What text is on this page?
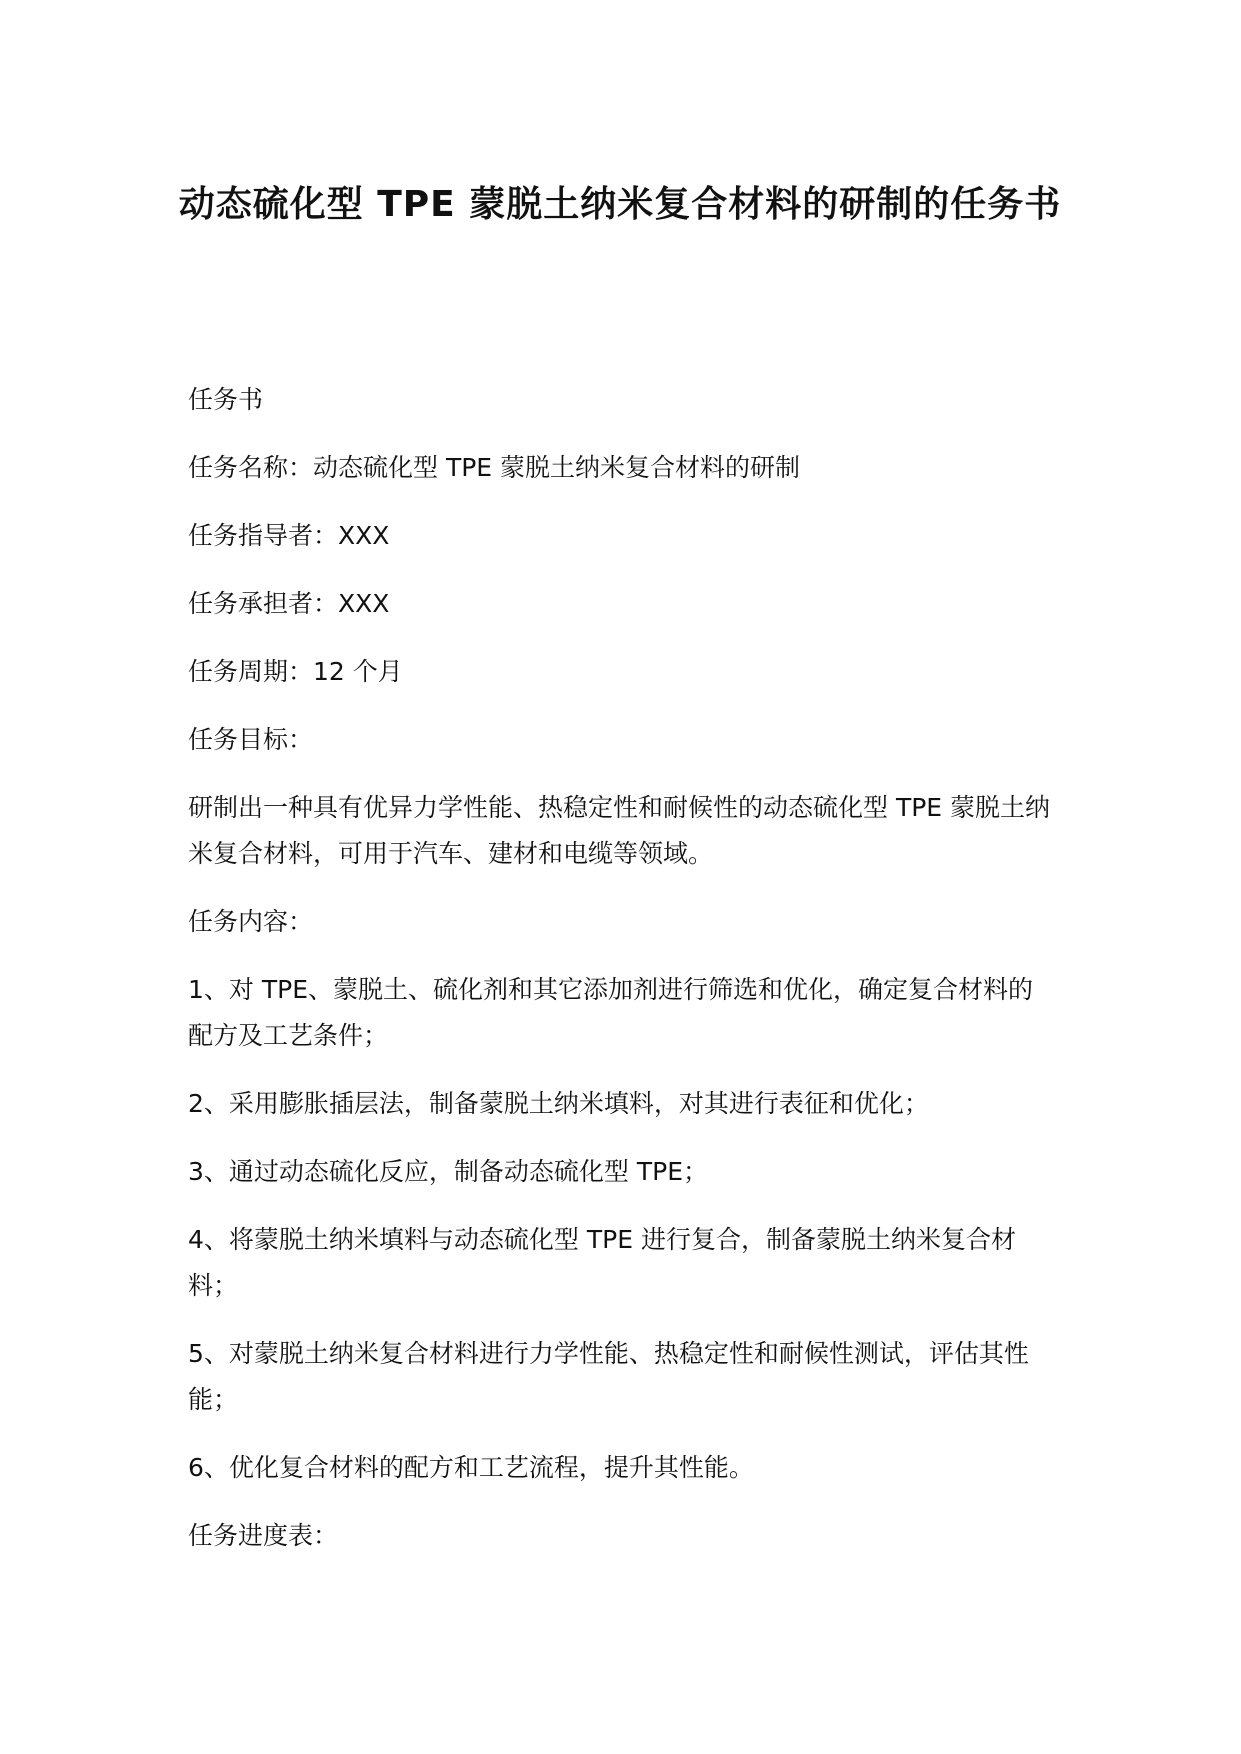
动态硫化型 TPE 蒙脱土纳米复合材料的研制的任务书

任务书

任务名称：动态硫化型 TPE 蒙脱土纳米复合材料的研制

任务指导者：XXX

任务承担者：XXX

任务周期：12 个月

任务目标：

研制出一种具有优异力学性能、热稳定性和耐候性的动态硫化型 TPE 蒙脱土纳米复合材料，可用于汽车、建材和电缆等领域。

任务内容：

1、对 TPE、蒙脱土、硫化剂和其它添加剂进行筛选和优化，确定复合材料的配方及工艺条件；

2、采用膨胀插层法，制备蒙脱土纳米填料，对其进行表征和优化；

3、通过动态硫化反应，制备动态硫化型 TPE；

4、将蒙脱土纳米填料与动态硫化型 TPE 进行复合，制备蒙脱土纳米复合材料；

5、对蒙脱土纳米复合材料进行力学性能、热稳定性和耐候性测试，评估其性能；

6、优化复合材料的配方和工艺流程，提升其性能。

任务进度表：
